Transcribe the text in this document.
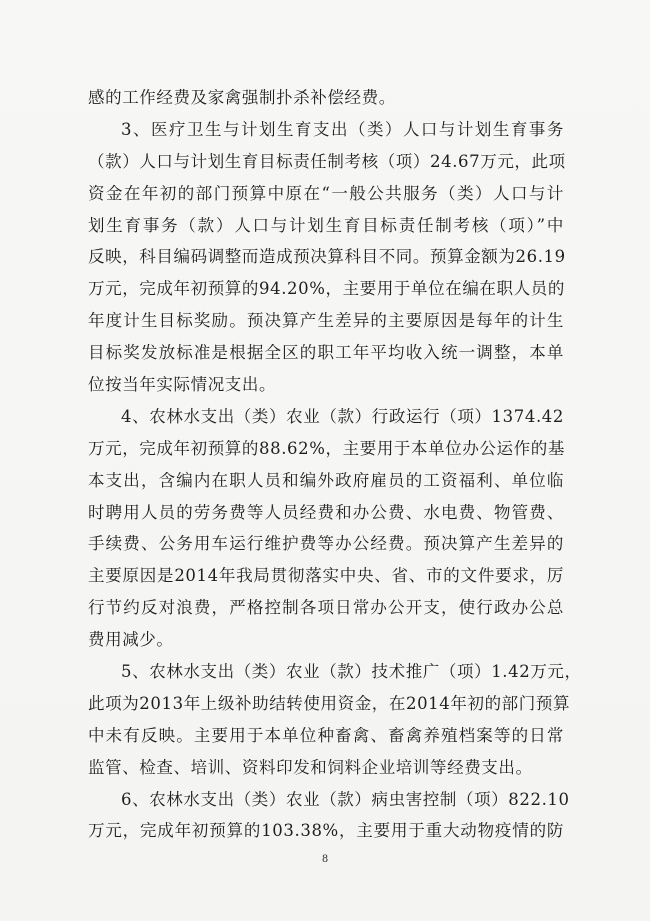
感的工作经费及家禽强制扑杀补偿经费。
3、医疗卫生与计划生育支出（类）人口与计划生育事务
（款）人口与计划生育目标责任制考核（项）24.67万元，此项
资金在年初的部门预算中原在“一般公共服务（类）人口与计
划生育事务（款）人口与计划生育目标责任制考核（项）”中
反映，科目编码调整而造成预决算科目不同。预算金额为26.19
万元，完成年初预算的94.20%，主要用于单位在编在职人员的
年度计生目标奖励。预决算产生差异的主要原因是每年的计生
目标奖发放标准是根据全区的职工年平均收入统一调整，本单
位按当年实际情况支出。
4、农林水支出（类）农业（款）行政运行（项）1374.42
万元，完成年初预算的88.62%，主要用于本单位办公运作的基
本支出，含编内在职人员和编外政府雇员的工资福利、单位临
时聘用人员的劳务费等人员经费和办公费、水电费、物管费、
手续费、公务用车运行维护费等办公经费。预决算产生差异的
主要原因是2014年我局贯彻落实中央、省、市的文件要求，厉
行节约反对浪费，严格控制各项日常办公开支，使行政办公总
费用减少。
5、农林水支出（类）农业（款）技术推广（项）1.42万元，
此项为2013年上级补助结转使用资金，在2014年初的部门预算
中未有反映。主要用于本单位种畜禽、畜禽养殖档案等的日常
监管、检查、培训、资料印发和饲料企业培训等经费支出。
6、农林水支出（类）农业（款）病虫害控制（项）822.10
万元，完成年初预算的103.38%，主要用于重大动物疫情的防
8
